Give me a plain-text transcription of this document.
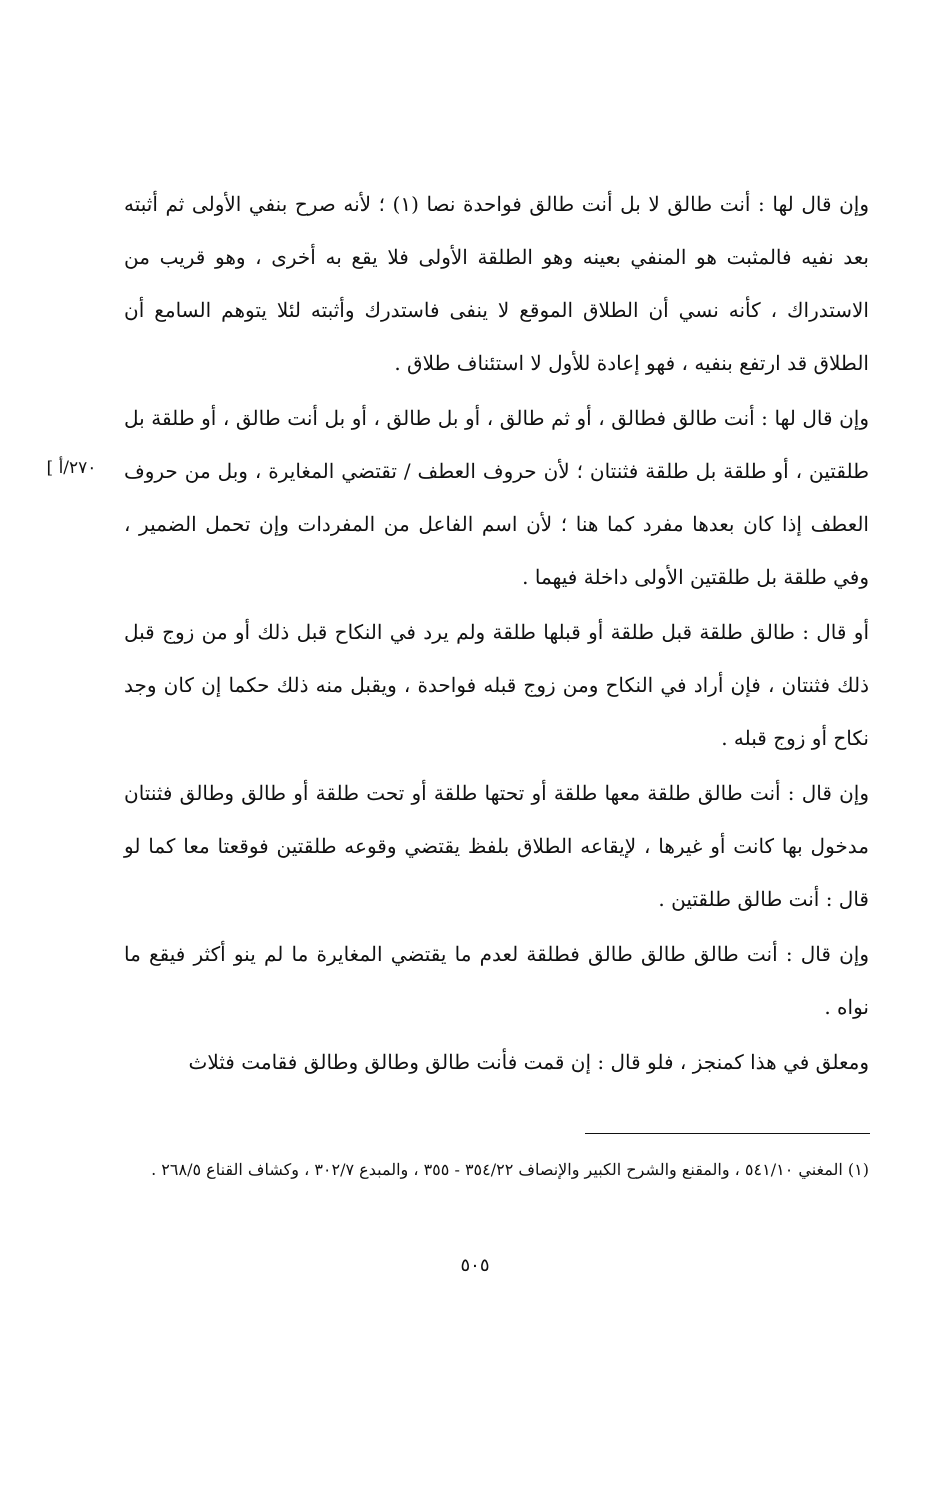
وإن قال لها : أنت طالق لا بل أنت طالق فواحدة نصا (١) ؛ لأنه صرح بنفي الأولى ثم أثبته بعد نفيه فالمثبت هو المنفي بعينه وهو الطلقة الأولى فلا يقع به أخرى ، وهو قريب من الاستدراك ، كأنه نسي أن الطلاق الموقع لا ينفى فاستدرك وأثبته لئلا يتوهم السامع أن الطلاق قد ارتفع بنفيه ، فهو إعادة للأول لا استئناف طلاق .

وإن قال لها : أنت طالق فطالق ، أو ثم طالق ، أو بل طالق ، أو بل أنت طالق ، أو طلقة بل طلقتين ، أو طلقة بل طلقة فثنتان ؛ لأن حروف العطف / تقتضي المغايرة ، وبل من حروف العطف إذا كان بعدها مفرد كما هنا ؛ لأن اسم الفاعل من المفردات وإن تحمل الضمير ، وفي طلقة بل طلقتين الأولى داخلة فيهما .

أو قال : طالق طلقة قبل طلقة أو قبلها طلقة ولم يرد في النكاح قبل ذلك أو من زوج قبل ذلك فثنتان ، فإن أراد في النكاح ومن زوج قبله فواحدة ، ويقبل منه ذلك حكما إن كان وجد نكاح أو زوج قبله .

وإن قال : أنت طالق طلقة معها طلقة أو تحتها طلقة أو تحت طلقة أو طالق وطالق فثنتان مدخول بها كانت أو غيرها ، لإيقاعه الطلاق بلفظ يقتضي وقوعه طلقتين فوقعتا معا كما لو قال : أنت طالق طلقتين .

وإن قال : أنت طالق طالق طالق فطلقة لعدم ما يقتضي المغايرة ما لم ينو أكثر فيقع ما نواه .

ومعلق في هذا كمنجز ، فلو قال : إن قمت فأنت طالق وطالق وطالق فقامت فثلاث

٢٧٠/أ ]

(١) المغني ٥٤١/١٠ ، والمقنع والشرح الكبير والإنصاف ٣٥٤/٢٢ - ٣٥٥ ، والمبدع ٣٠٢/٧ ، وكشاف القناع ٢٦٨/٥ .

٥٠٥
